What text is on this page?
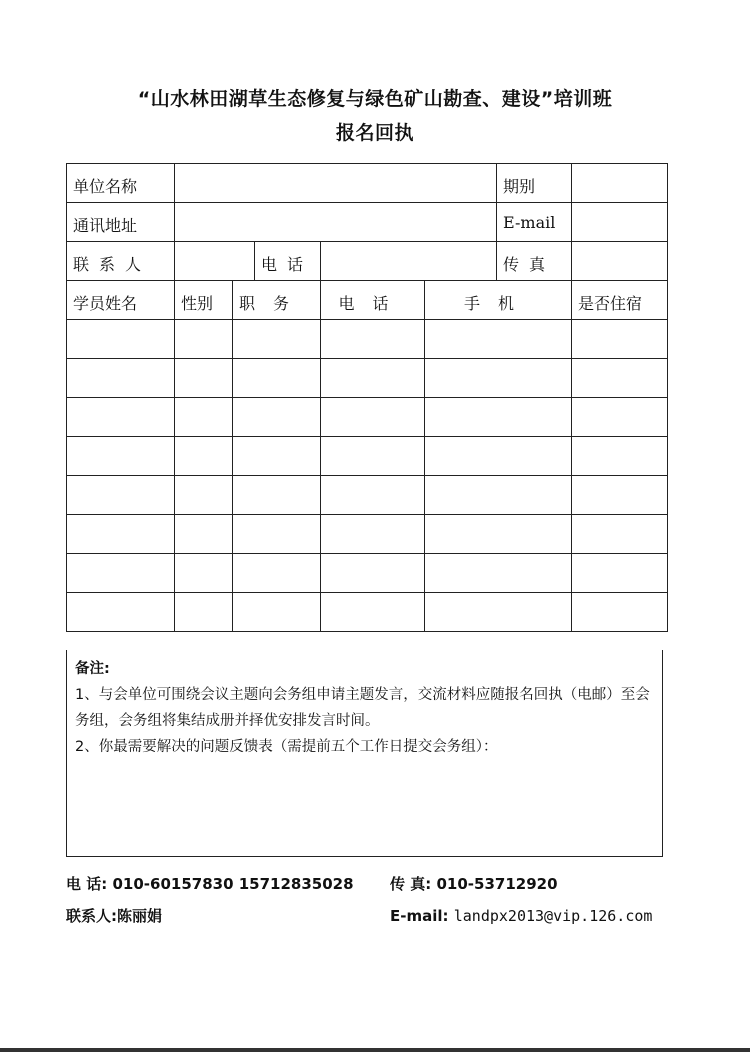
“山水林田湖草生态修复与绿色矿山勘查、建设”培训班
报名回执
单位名称						期别	
通讯地址						E-mail	
联系人			电话			传真	
学员姓名	性别	职务		电话	手机		是否住宿

备注:

1、与会单位可围绕会议主题向会务组申请主题发言，交流材料应随报名回执（电邮）至会务组，会务组将集结成册并择优安排发言时间。

2、你最需要解决的问题反馈表（需提前五个工作日提交会务组）：

电 话: 010-60157830 15712835028 传 真: 010-53712920
联系人:陈丽娟	E-mail: landpx2013@vip.126.com
